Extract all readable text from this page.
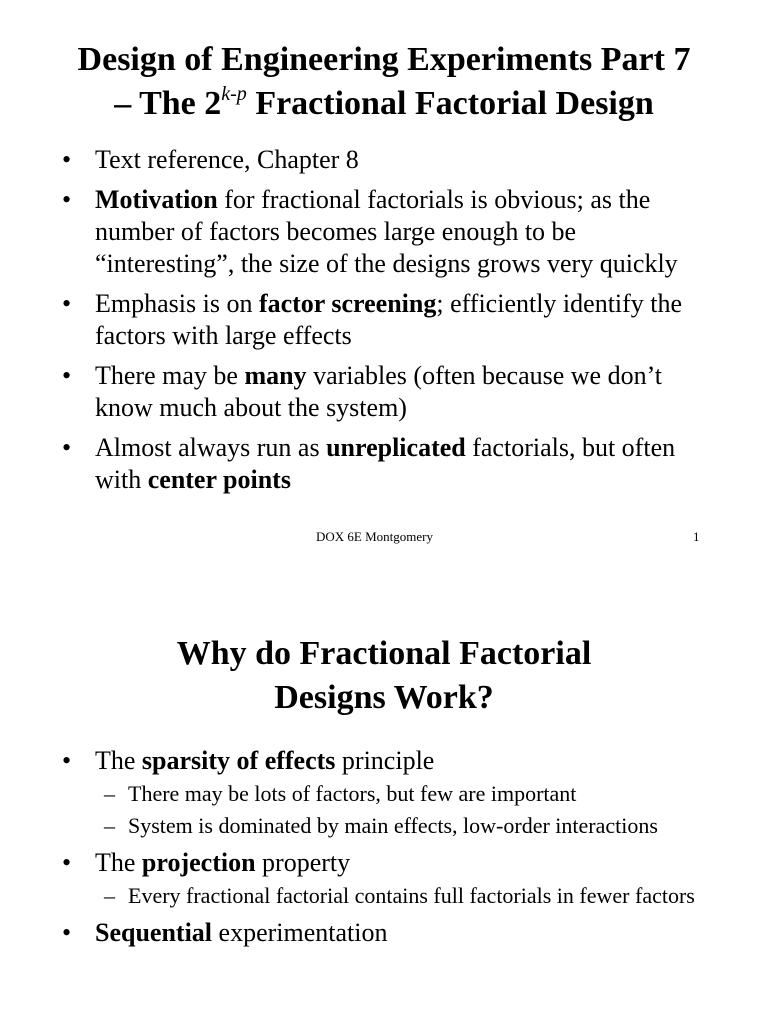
Design of Engineering Experiments Part 7
– The 2$^{k-p}$ Fractional Factorial Design
• Text reference, Chapter 8
• Motivation for fractional factorials is obvious; as the number of factors becomes large enough to be “interesting”, the size of the designs grows very quickly
• Emphasis is on factor screening; efficiently identify the factors with large effects
• There may be many variables (often because we don’t know much about the system)
• Almost always run as unreplicated factorials, but often with center points
DOX 6E Montgomery	1
Why do Fractional Factorial
Designs Work?
• The sparsity of effects principle
– There may be lots of factors, but few are important
– System is dominated by main effects, low-order interactions
• The projection property
– Every fractional factorial contains full factorials in fewer factors
• Sequential experimentation
